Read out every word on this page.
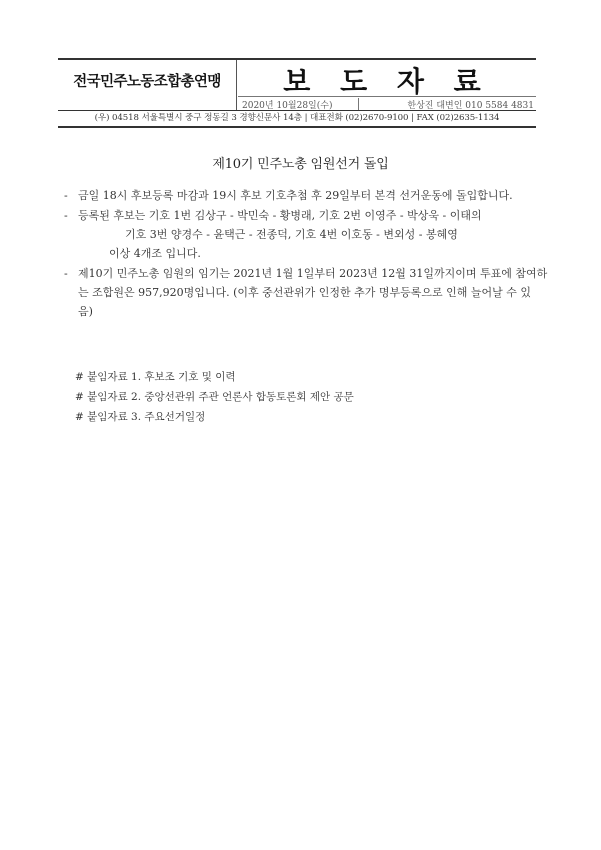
전국민주노동조합총연맹	보 도 자 료
2020년 10월28일(수)	한상진 대변인 010 5584 4831
(우) 04518 서울특별시 중구 정동길 3 경향신문사 14층 | 대표전화 (02)2670-9100 | FAX (02)2635-1134
제10기 민주노총 임원선거 돌입
- 금일 18시 후보등록 마감과 19시 후보 기호추첨 후 29일부터 본격 선거운동에 돌입합니다.
- 등록된 후보는 기호 1번 김상구 - 박민숙 - 황병래, 기호 2번 이영주 - 박상욱 - 이태의
기호 3번 양경수 - 윤택근 - 전종덕, 기호 4번 이호동 - 변외성 - 봉혜영
이상 4개조 입니다.
- 제10기 민주노총 임원의 임기는 2021년 1월 1일부터 2023년 12월 31일까지이며 투표에 참여하
는 조합원은 957,920명입니다. (이후 중선관위가 인정한 추가 명부등록으로 인해 늘어날 수 있
음)
# 붙임자료 1. 후보조 기호 및 이력
# 붙임자료 2. 중앙선관위 주관 언론사 합동토론회 제안 공문
# 붙임자료 3. 주요선거일정
